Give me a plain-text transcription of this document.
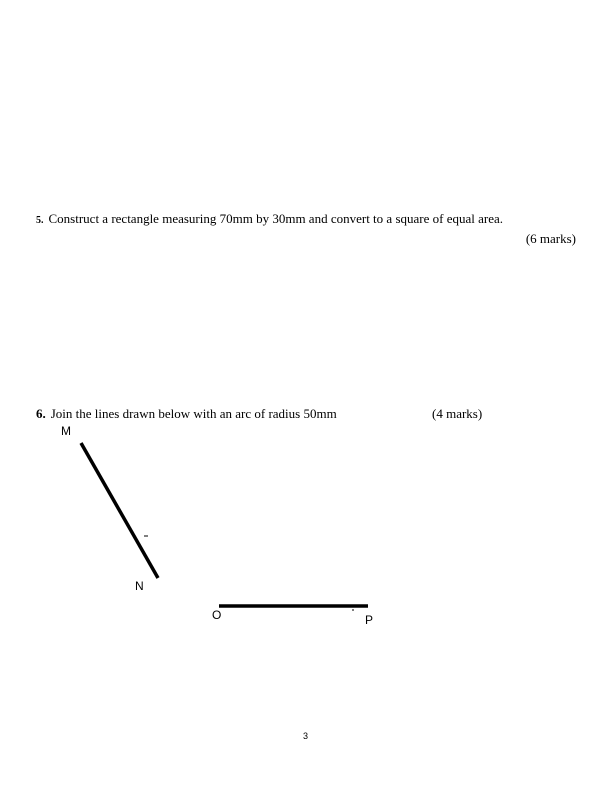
5. Construct a rectangle measuring 70mm by 30mm and convert to a square of equal area.
(6 marks)
6. Join the lines drawn below with an arc of radius 50mm	(4 marks)
M
N
O	P
3
